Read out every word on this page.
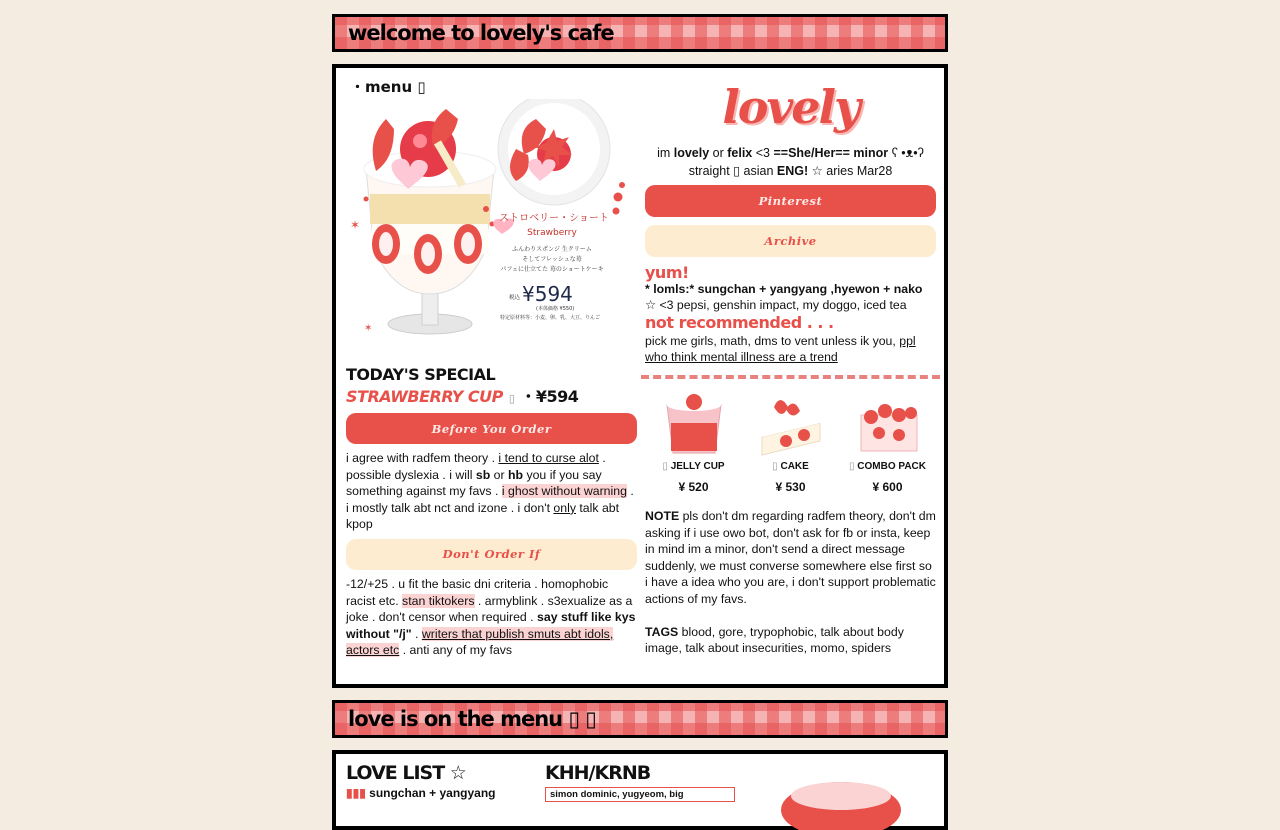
welcome to lovely's cafe
・menu ▯
✶
✶
ストロベリー・ショート
Strawberry
ふんわりスポンジ 生クリーム
そしてフレッシュな苺
パフェに仕立てた 苺のショートケーキ
税込 ¥594
(本体価格 ¥550)
特定原材料等：小麦、卵、乳、大豆、りんご
TODAY'S SPECIAL
STRAWBERRY CUP ▯ ・¥594
Before You Order

i agree with radfem theory . i tend to curse alot . possible dyslexia . i will sb or hb you if you say something against my favs . i ghost without warning . i mostly talk abt nct and izone . i don't only talk abt kpop

Don't Order If

-12/+25 . u fit the basic dni criteria . homophobic racist etc. stan tiktokers . armyblink . s3exualize as a joke . don't censor when required . say stuff like kys without "/j" . writers that publish smuts abt idols, actors etc . anti any of my favs

lovely
im lovely or felix <3 ==She/Her== minor ʕ •ᴥ•ʔ
straight ▯ asian ENG! ☆ aries Mar28
Pinterest
Archive
yum!

* lomls:* sungchan + yangyang ,hyewon + nako ☆ <3 pepsi, genshin impact, my doggo, iced tea

not recommended . . .

pick me girls, math, dms to vent unless ik you, ppl who think mental illness are a trend

▯ JELLY CUP
¥ 520
▯ CAKE
¥ 530
▯ COMBO PACK
¥ 600

NOTE pls don't dm regarding radfem theory, don't dm asking if i use owo bot, don't ask for fb or insta, keep in mind im a minor, don't send a direct message suddenly, we must converse somewhere else first so i have a idea who you are, i don't support problematic actions of my favs.

TAGS blood, gore, trypophobic, talk about body image, talk about insecurities, momo, spiders

love is on the menu ▯ ▯
LOVE LIST ☆
▮▮▮ sungchan + yangyang
KHH/KRNB
simon dominic, yugyeom, big
